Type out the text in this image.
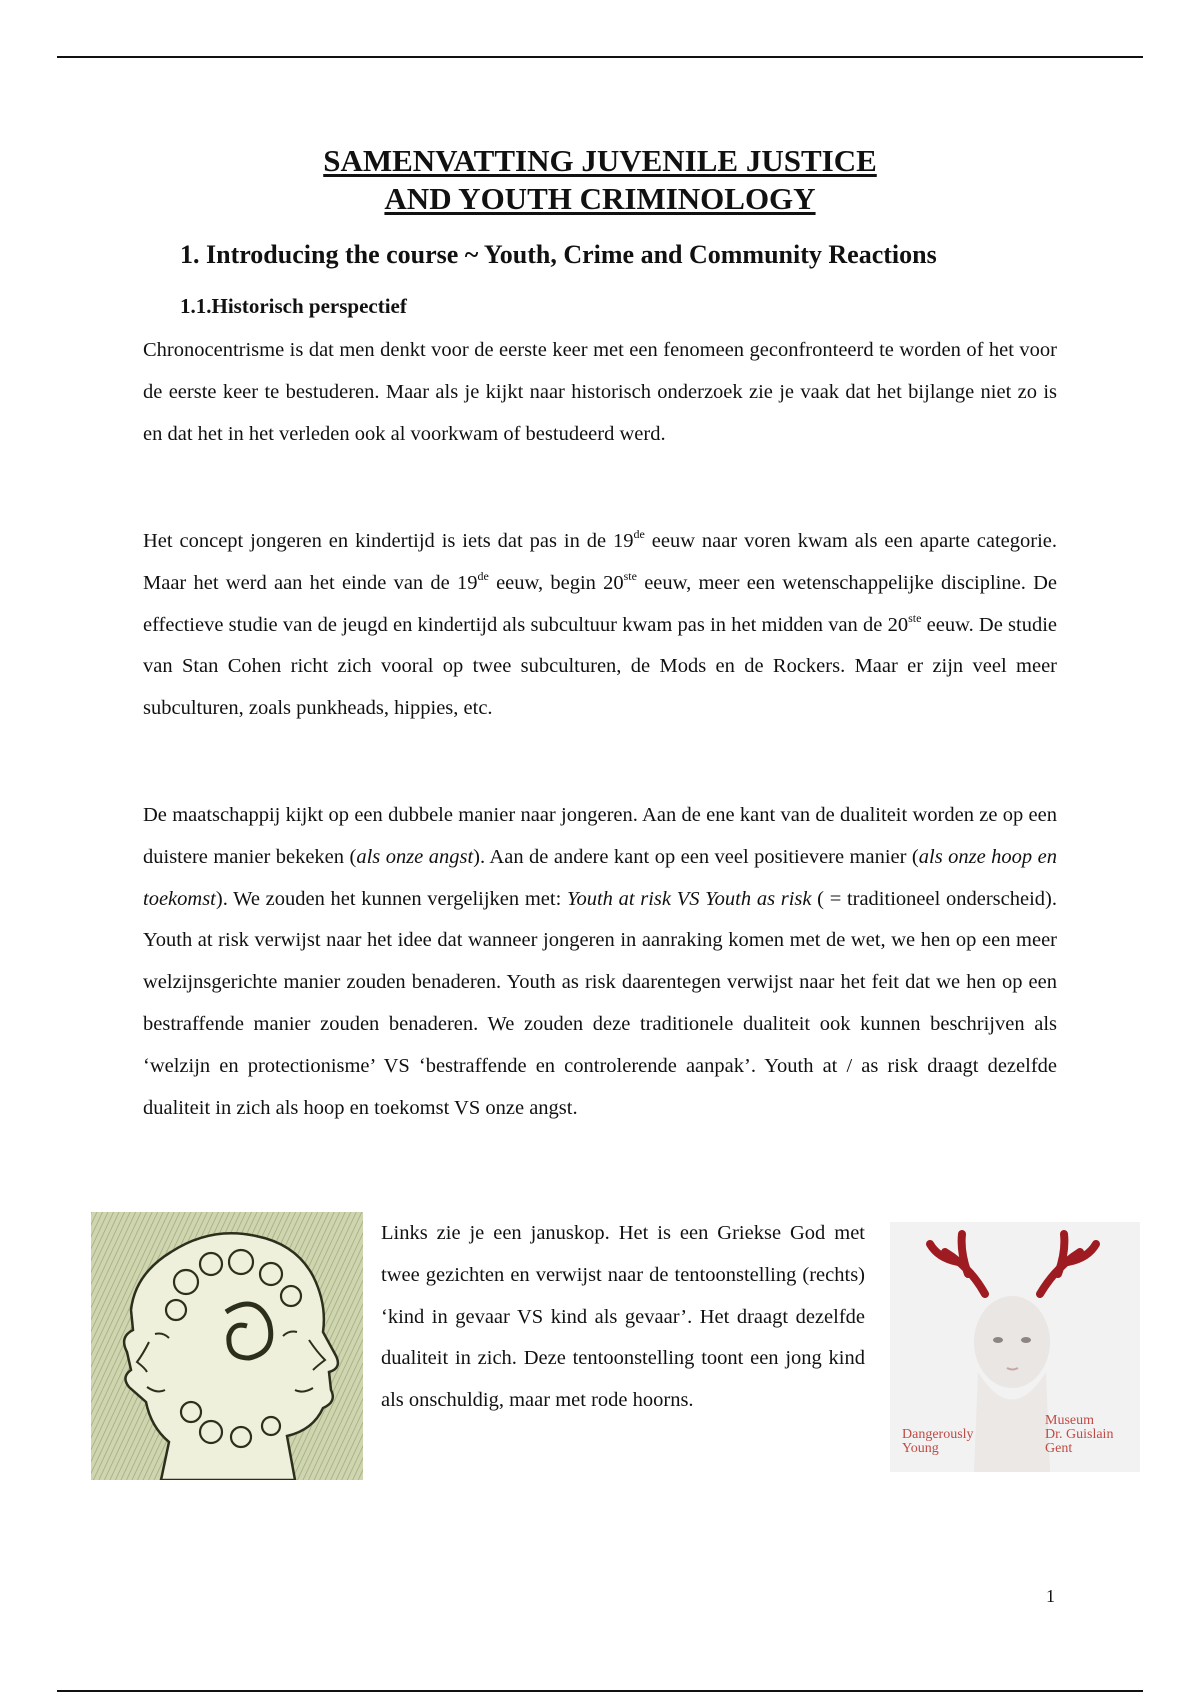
SAMENVATTING JUVENILE JUSTICE
AND YOUTH CRIMINOLOGY
1. Introducing the course ~ Youth, Crime and Community Reactions
1.1.Historisch perspectief
Chronocentrisme is dat men denkt voor de eerste keer met een fenomeen geconfronteerd te worden of het voor de eerste keer te bestuderen. Maar als je kijkt naar historisch onderzoek zie je vaak dat het bijlange niet zo is en dat het in het verleden ook al voorkwam of bestudeerd werd.
Het concept jongeren en kindertijd is iets dat pas in de 19de eeuw naar voren kwam als een aparte categorie. Maar het werd aan het einde van de 19de eeuw, begin 20ste eeuw, meer een wetenschappelijke discipline. De effectieve studie van de jeugd en kindertijd als subcultuur kwam pas in het midden van de 20ste eeuw. De studie van Stan Cohen richt zich vooral op twee subculturen, de Mods en de Rockers. Maar er zijn veel meer subculturen, zoals punkheads, hippies, etc.
De maatschappij kijkt op een dubbele manier naar jongeren. Aan de ene kant van de dualiteit worden ze op een duistere manier bekeken (als onze angst). Aan de andere kant op een veel positievere manier (als onze hoop en toekomst). We zouden het kunnen vergelijken met: Youth at risk VS Youth as risk ( = traditioneel onderscheid). Youth at risk verwijst naar het idee dat wanneer jongeren in aanraking komen met de wet, we hen op een meer welzijnsgerichte manier zouden benaderen. Youth as risk daarentegen verwijst naar het feit dat we hen op een bestraffende manier zouden benaderen. We zouden deze traditionele dualiteit ook kunnen beschrijven als ‘welzijn en protectionisme’ VS ‘bestraffende en controlerende aanpak’. Youth at / as risk draagt dezelfde dualiteit in zich als hoop en toekomst VS onze angst.
Links zie je een januskop. Het is een Griekse God met twee gezichten en verwijst naar de tentoonstelling (rechts) ‘kind in gevaar VS kind als gevaar’. Het draagt dezelfde dualiteit in zich. Deze tentoonstelling toont een jong kind als onschuldig, maar met rode hoorns.
Dangerously
Young
Museum
Dr. Guislain
Gent
1
